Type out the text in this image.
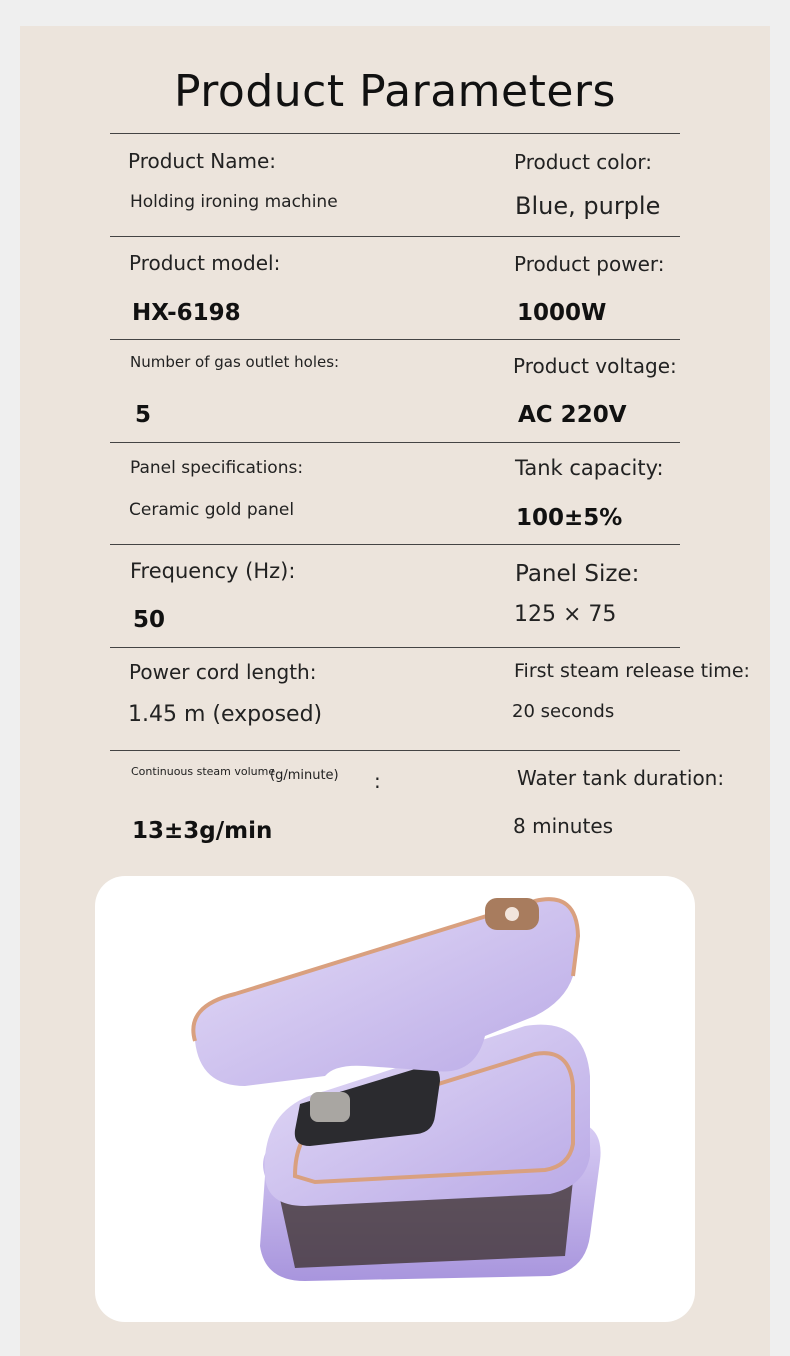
Product Parameters
Product Name:
Holding ironing machine
Product color:
Blue, purple
Product model:
HX-6198
Product power:
1000W
Number of gas outlet holes:
5
Product voltage:
AC 220V
Panel specifications:
Ceramic gold panel
Tank capacity:
100±5%
Frequency (Hz):
50
Panel Size:
125 × 75
Power cord length:
1.45 m (exposed)
First steam release time:
20 seconds
Continuous steam volume
(g/minute) :
13±3g/min
Water tank duration:
8 minutes
